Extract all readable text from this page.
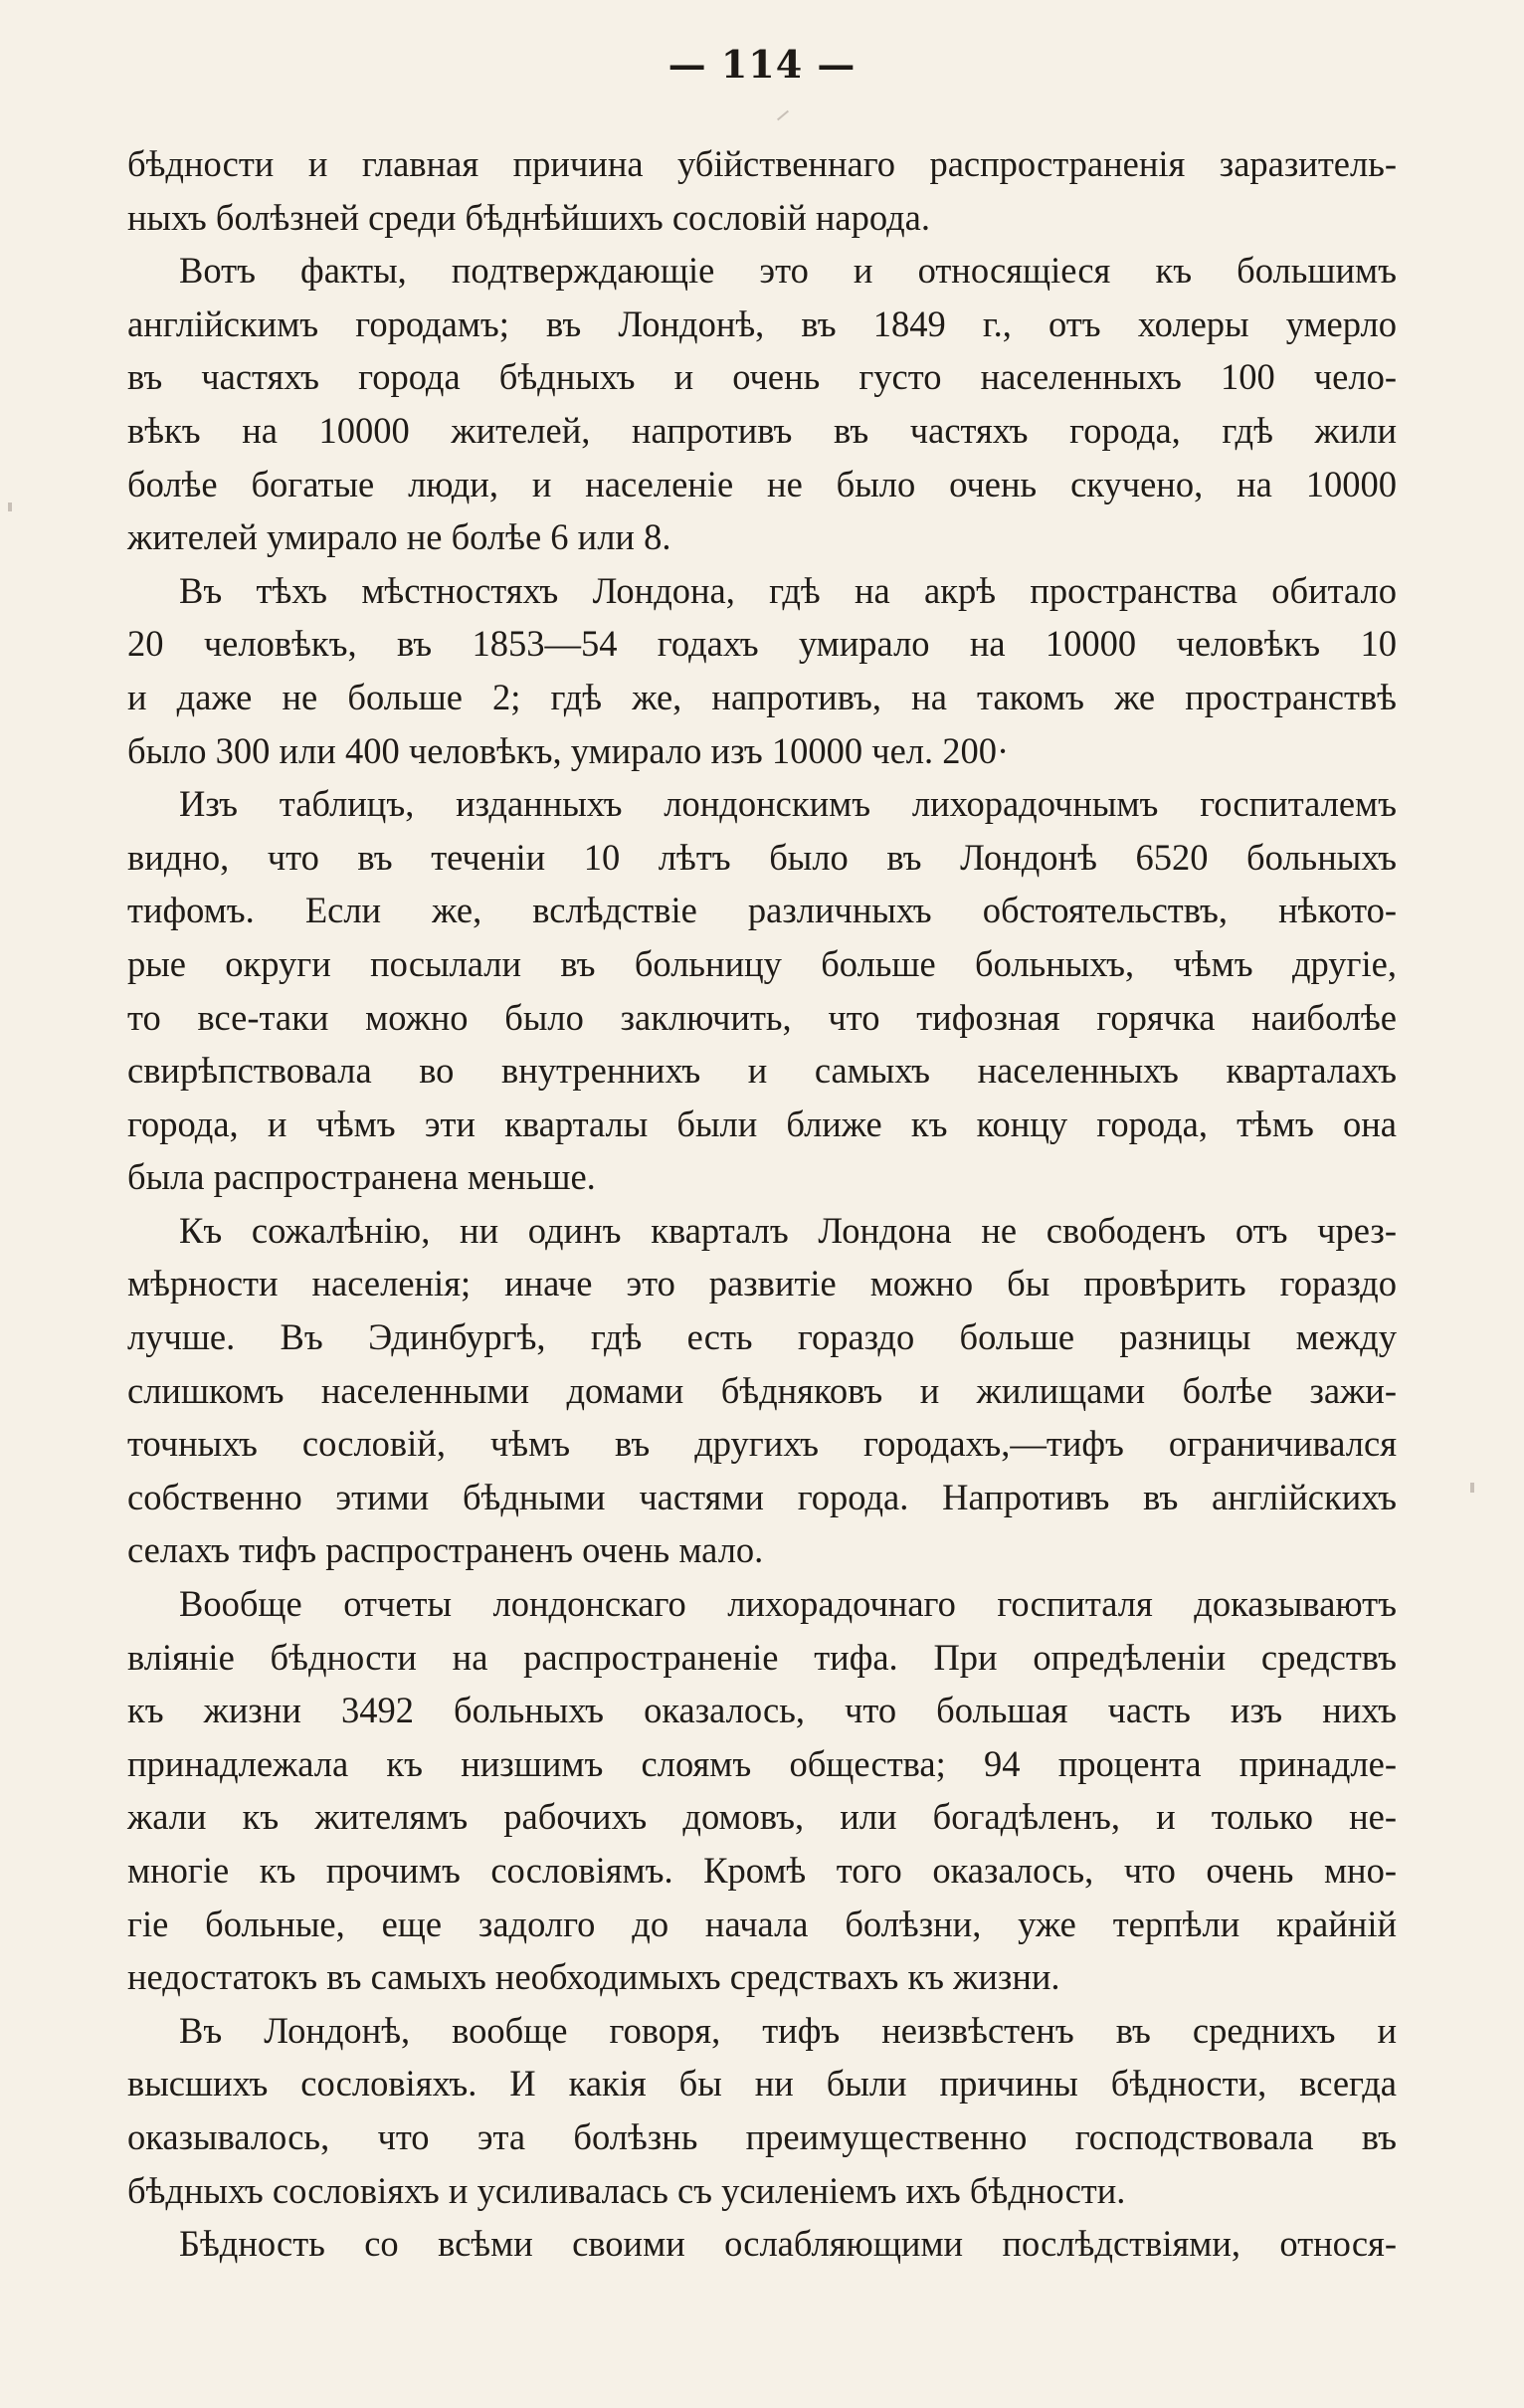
— 114 —
бѣдности и главная причина убійственнаго распространенія заразитель-
ныхъ болѣзней среди бѣднѣйшихъ сословій народа.
Вотъ факты, подтверждающіе это и относящіеся къ большимъ
англійскимъ городамъ; въ Лондонѣ, въ 1849 г., отъ холеры умерло
въ частяхъ города бѣдныхъ и очень густо населенныхъ 100 чело-
вѣкъ на 10000 жителей, напротивъ въ частяхъ города, гдѣ жили
болѣе богатые люди, и населеніе не было очень скучено, на 10000
жителей умирало не болѣе 6 или 8.
Въ тѣхъ мѣстностяхъ Лондона, гдѣ на акрѣ пространства обитало
20 человѣкъ, въ 1853—54 годахъ умирало на 10000 человѣкъ 10
и даже не больше 2; гдѣ же, напротивъ, на такомъ же пространствѣ
было 300 или 400 человѣкъ, умирало изъ 10000 чел. 200·
Изъ таблицъ, изданныхъ лондонскимъ лихорадочнымъ госпиталемъ
видно, что въ теченіи 10 лѣтъ было въ Лондонѣ 6520 больныхъ
тифомъ. Если же, вслѣдствіе различныхъ обстоятельствъ, нѣкото-
рые округи посылали въ больницу больше больныхъ, чѣмъ другіе,
то все-таки можно было заключить, что тифозная горячка наиболѣе
свирѣпствовала во внутреннихъ и самыхъ населенныхъ кварталахъ
города, и чѣмъ эти кварталы были ближе къ концу города, тѣмъ она
была распространена меньше.
Къ сожалѣнію, ни одинъ кварталъ Лондона не свободенъ отъ чрез-
мѣрности населенія; иначе это развитіе можно бы провѣрить гораздо
лучше. Въ Эдинбургѣ, гдѣ есть гораздо больше разницы между
слишкомъ населенными домами бѣдняковъ и жилищами болѣе зажи-
точныхъ сословій, чѣмъ въ другихъ городахъ,—тифъ ограничивался
собственно этими бѣдными частями города. Напротивъ въ англійскихъ
селахъ тифъ распространенъ очень мало.
Вообще отчеты лондонскаго лихорадочнаго госпиталя доказываютъ
вліяніе бѣдности на распространеніе тифа. При опредѣленіи средствъ
къ жизни 3492 больныхъ оказалось, что большая часть изъ нихъ
принадлежала къ низшимъ слоямъ общества; 94 процента принадле-
жали къ жителямъ рабочихъ домовъ, или богадѣленъ, и только не-
многіе къ прочимъ сословіямъ. Кромѣ того оказалось, что очень мно-
гіе больные, еще задолго до начала болѣзни, уже терпѣли крайній
недостатокъ въ самыхъ необходимыхъ средствахъ къ жизни.
Въ Лондонѣ, вообще говоря, тифъ неизвѣстенъ въ среднихъ и
высшихъ сословіяхъ. И какія бы ни были причины бѣдности, всегда
оказывалось, что эта болѣзнь преимущественно господствовала въ
бѣдныхъ сословіяхъ и усиливалась съ усиленіемъ ихъ бѣдности.
Бѣдность со всѣми своими ослабляющими послѣдствіями, относя-
